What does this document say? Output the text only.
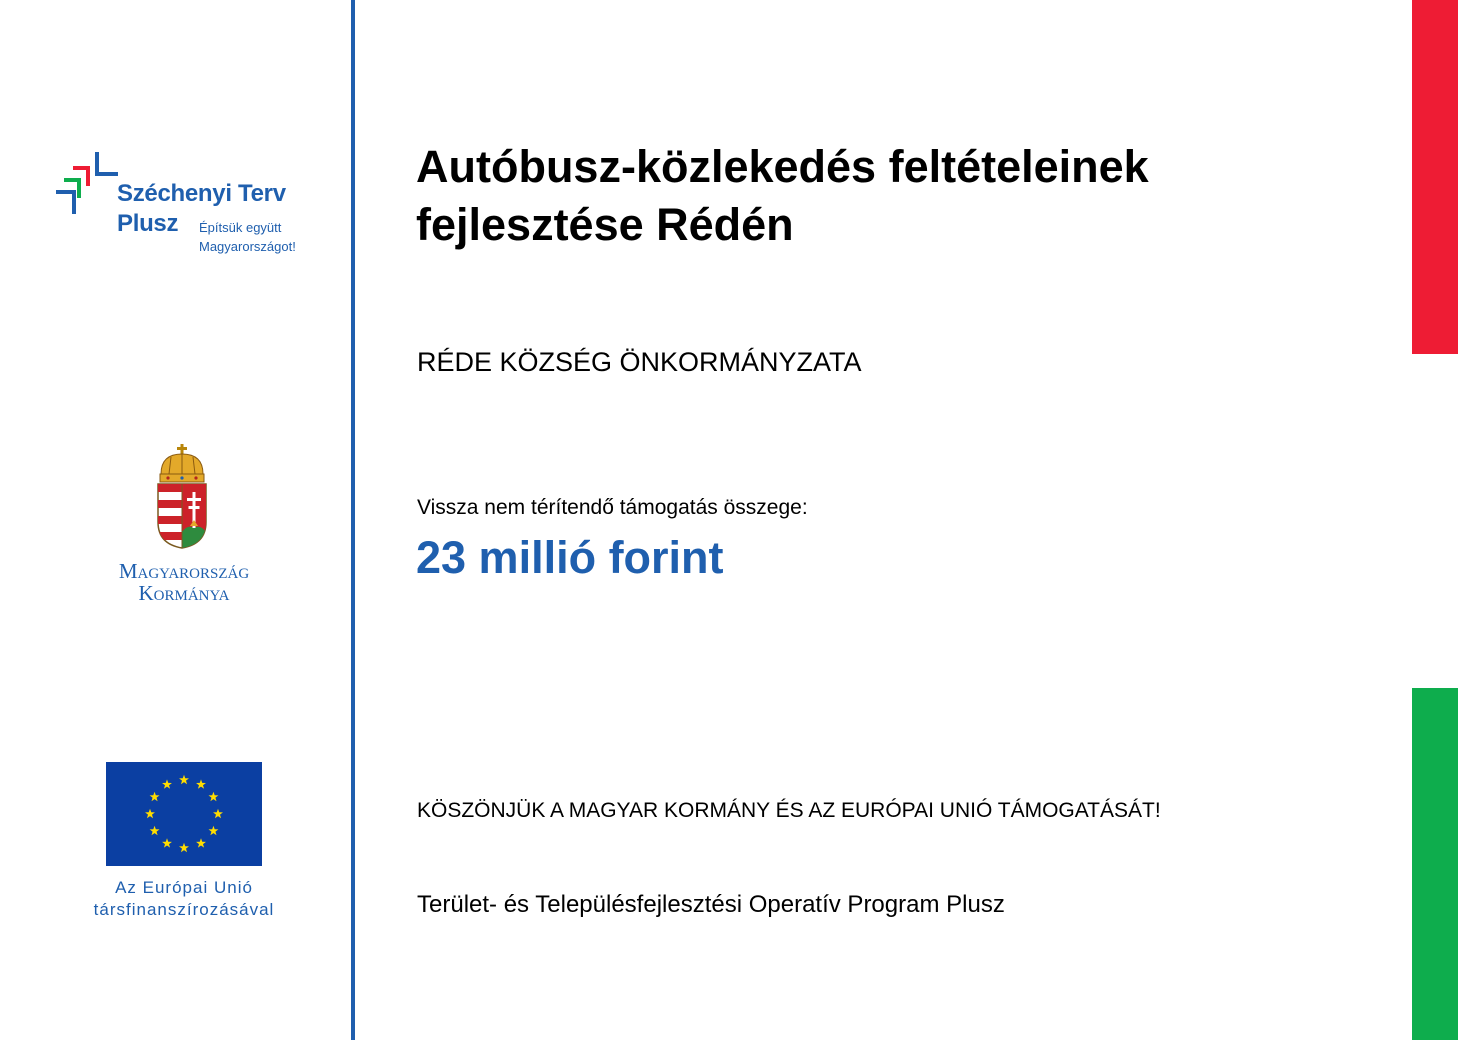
Széchenyi Terv
Plusz Építsük együtt
Magyarországot!
Magyarország
Kormánya
Az Európai Unió
társfinanszírozásával
Autóbusz-közlekedés feltételeinek fejlesztése Rédén
RÉDE KÖZSÉG ÖNKORMÁNYZATA
Vissza nem térítendő támogatás összege:
23 millió forint
KÖSZÖNJÜK A MAGYAR KORMÁNY ÉS AZ EURÓPAI UNIÓ TÁMOGATÁSÁT!
Terület- és Településfejlesztési Operatív Program Plusz
